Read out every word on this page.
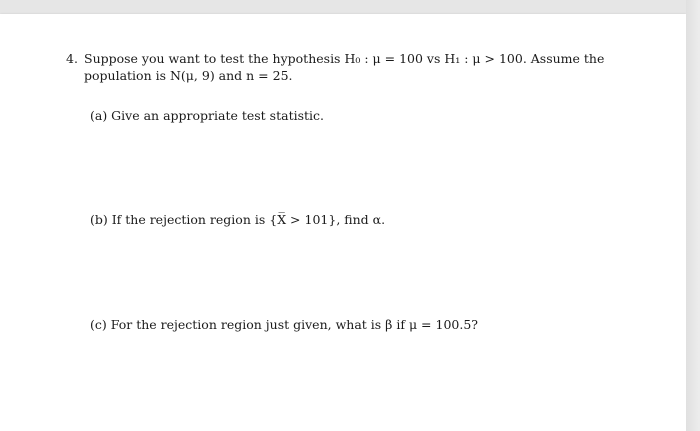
4. Suppose you want to test the hypothesis H₀ : μ = 100 vs H₁ : μ > 100. Assume the
population is N(μ, 9) and n = 25.
(a) Give an appropriate test statistic.
(b) If the rejection region is {X̅ > 101}, find α.
(c) For the rejection region just given, what is β if μ = 100.5?
